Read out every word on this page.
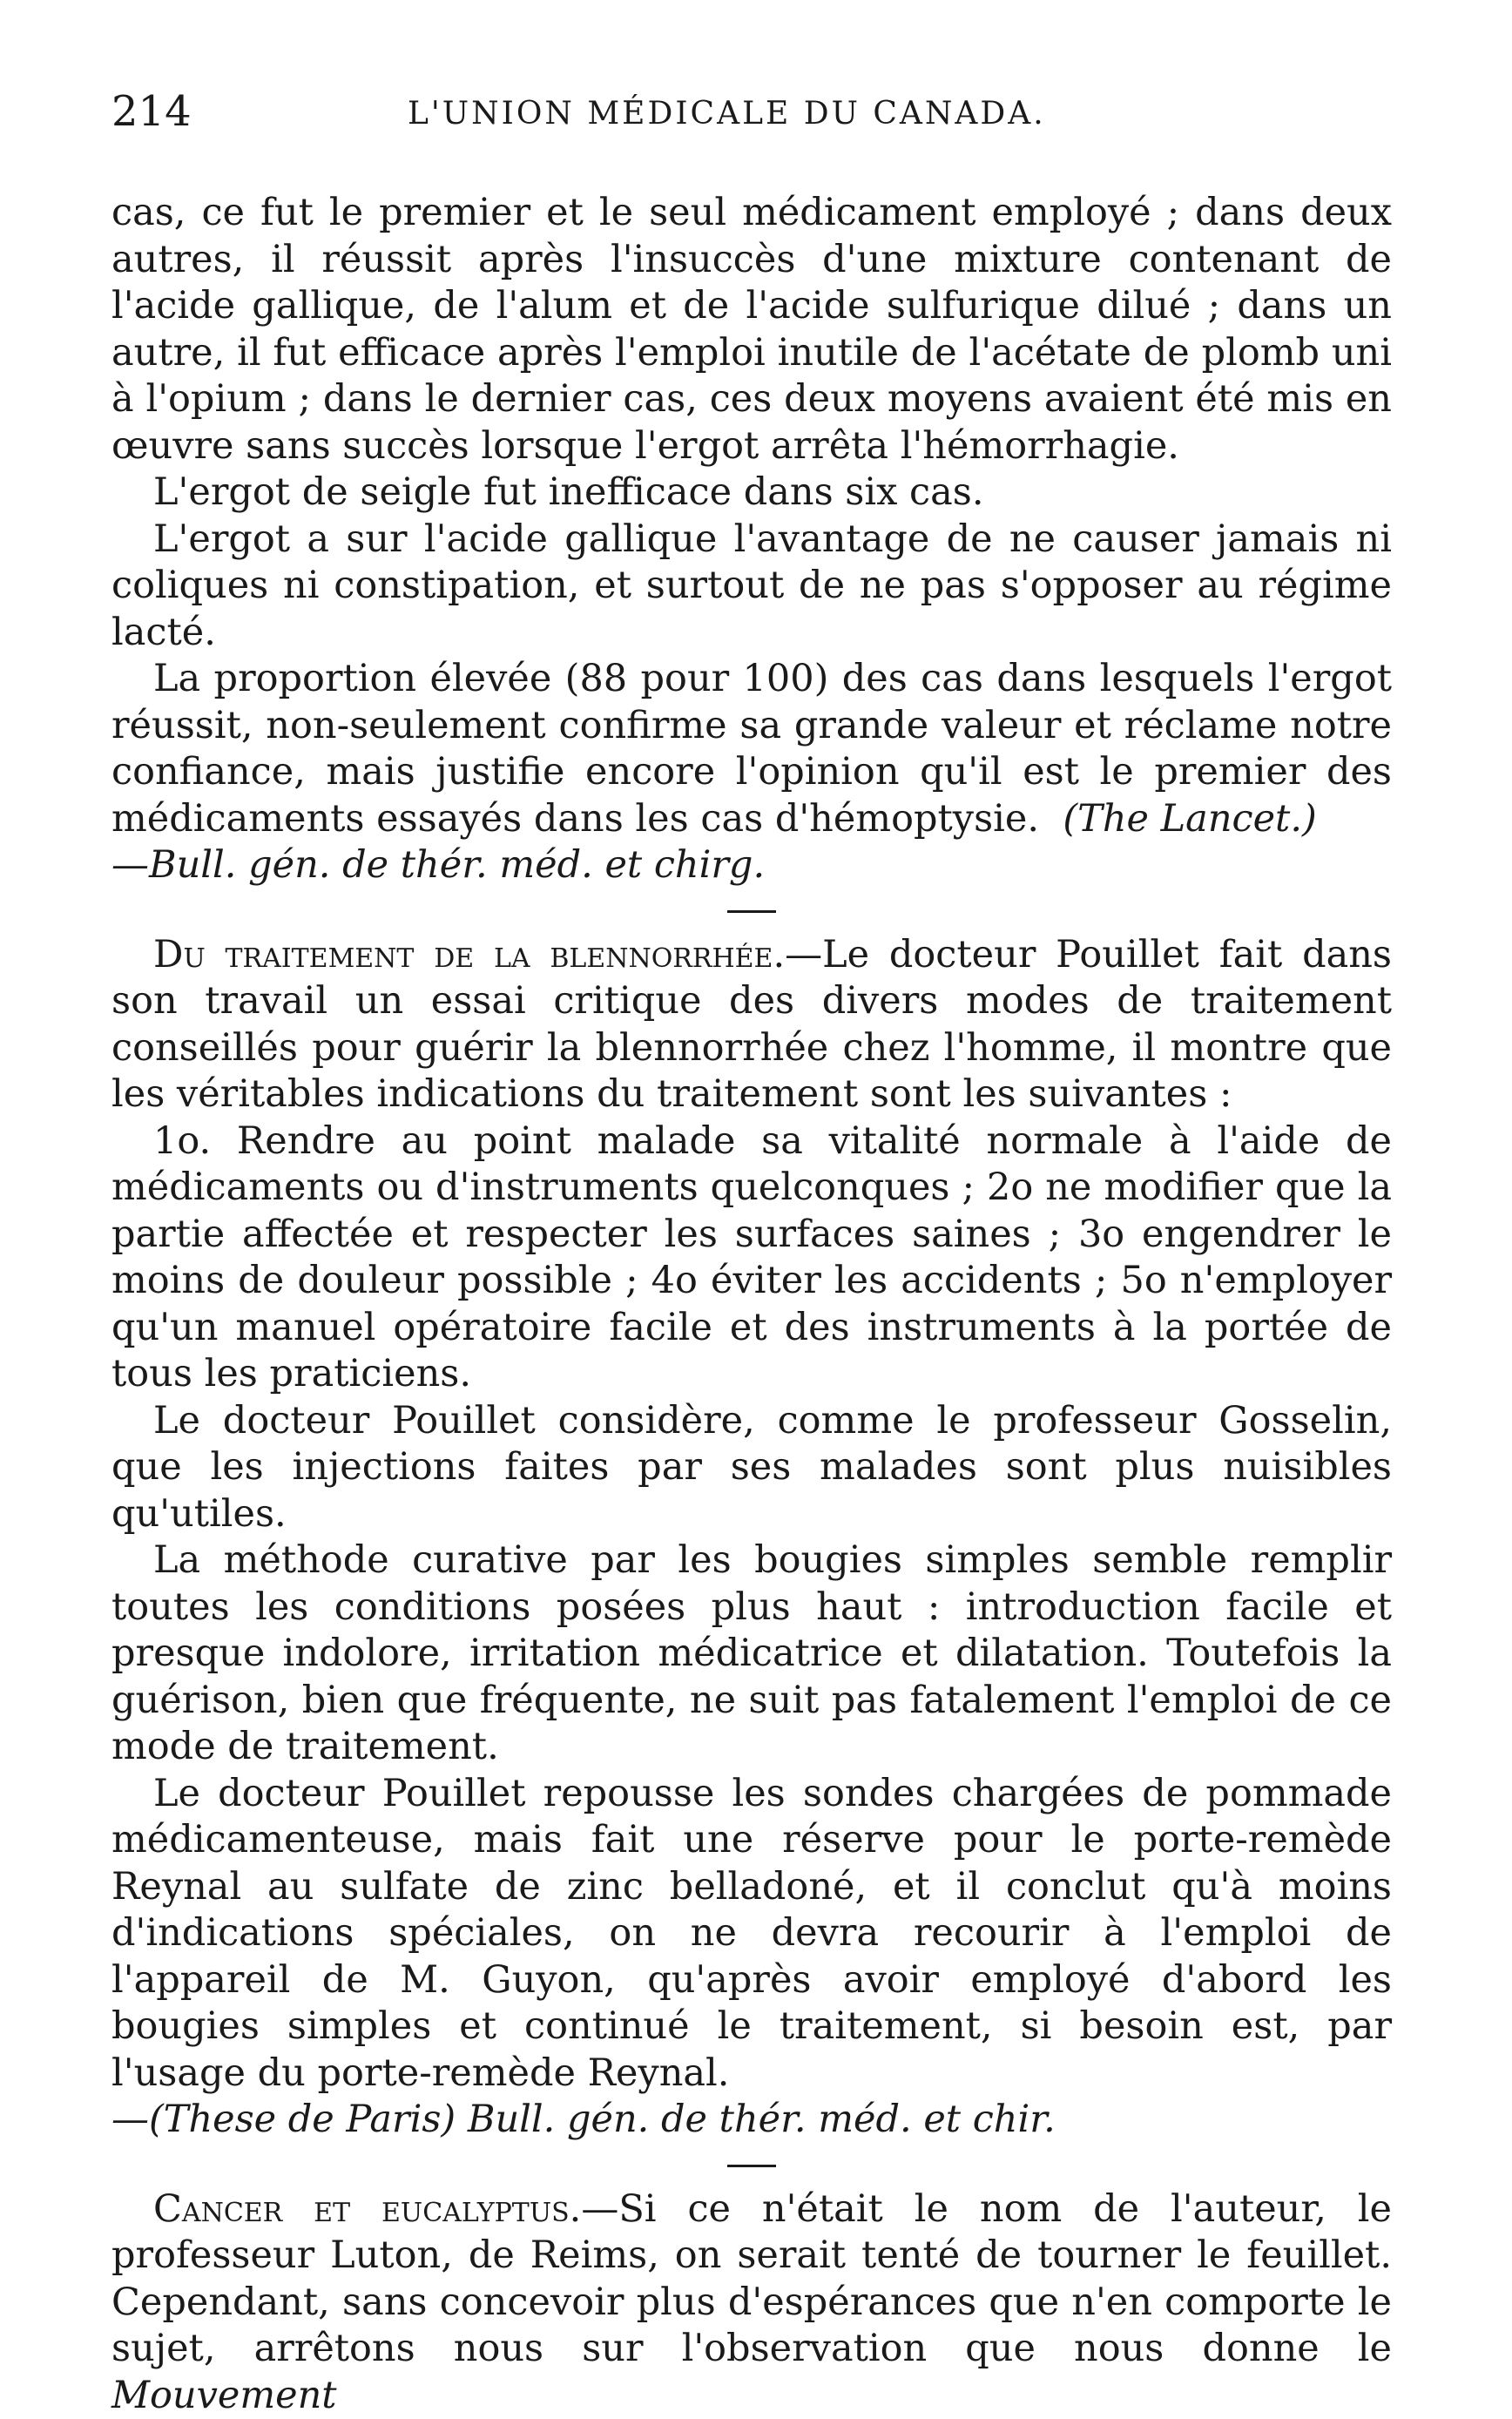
214	L'UNION MÉDICALE DU CANADA.

cas, ce fut le premier et le seul médicament employé ; dans deux autres, il réussit après l'insuccès d'une mixture contenant de l'acide gallique, de l'alum et de l'acide sulfurique dilué ; dans un autre, il fut efficace après l'emploi inutile de l'acétate de plomb uni à l'opium ; dans le dernier cas, ces deux moyens avaient été mis en œuvre sans succès lorsque l'ergot arrêta l'hémorrhagie.

L'ergot de seigle fut inefficace dans six cas.

L'ergot a sur l'acide gallique l'avantage de ne causer jamais ni coliques ni constipation, et surtout de ne pas s'opposer au régime lacté.

La proportion élevée (88 pour 100) des cas dans lesquels l'ergot réussit, non-seulement confirme sa grande valeur et réclame notre confiance, mais justifie encore l'opinion qu'il est le premier des médicaments essayés dans les cas d'hémoptysie. (The Lancet.)

—Bull. gén. de thér. méd. et chirg.

Du traitement de la blennorrhée.—Le docteur Pouillet fait dans son travail un essai critique des divers modes de traitement conseillés pour guérir la blennorrhée chez l'homme, il montre que les véritables indications du traitement sont les suivantes :

1o. Rendre au point malade sa vitalité normale à l'aide de médicaments ou d'instruments quelconques ; 2o ne modifier que la partie affectée et respecter les surfaces saines ; 3o engendrer le moins de douleur possible ; 4o éviter les accidents ; 5o n'employer qu'un manuel opératoire facile et des instruments à la portée de tous les praticiens.

Le docteur Pouillet considère, comme le professeur Gosselin, que les injections faites par ses malades sont plus nuisibles qu'utiles.

La méthode curative par les bougies simples semble remplir toutes les conditions posées plus haut : introduction facile et presque indolore, irritation médicatrice et dilatation. Toutefois la guérison, bien que fréquente, ne suit pas fatalement l'emploi de ce mode de traitement.

Le docteur Pouillet repousse les sondes chargées de pommade médicamenteuse, mais fait une réserve pour le porte-remède Reynal au sulfate de zinc belladoné, et il conclut qu'à moins d'indications spéciales, on ne devra recourir à l'emploi de l'appareil de M. Guyon, qu'après avoir employé d'abord les bougies simples et continué le traitement, si besoin est, par l'usage du porte-remède Reynal.

—(These de Paris) Bull. gén. de thér. méd. et chir.

Cancer et eucalyptus.—Si ce n'était le nom de l'auteur, le professeur Luton, de Reims, on serait tenté de tourner le feuillet. Cependant, sans concevoir plus d'espérances que n'en comporte le sujet, arrêtons nous sur l'observation que nous donne le Mouvement
